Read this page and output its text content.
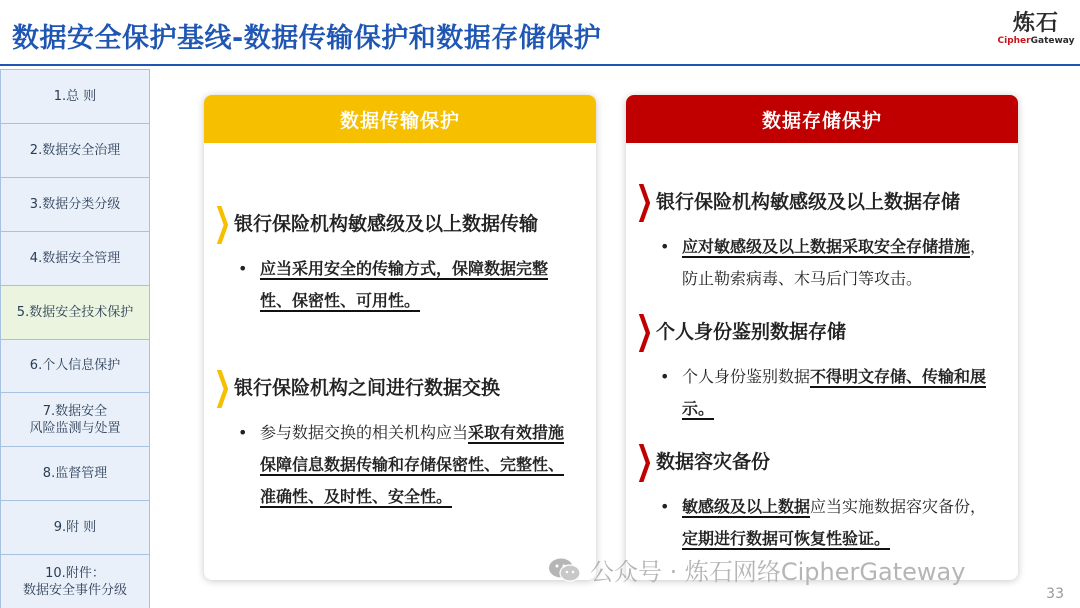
数据安全保护基线-数据传输保护和数据存储保护	炼石
CipherGateway
1.总 则
2.数据安全治理
3.数据分类分级
4.数据安全管理
5.数据安全技术保护
6.个人信息保护
7.数据安全
风险监测与处置
8.监督管理
9.附 则
10.附件：
数据安全事件分级
数据传输保护
❯ 银行保险机构敏感级及以上数据传输
• 应当采用安全的传输方式，保障数据完整性、保密性、可用性。
❯ 银行保险机构之间进行数据交换
• 参与数据交换的相关机构应当采取有效措施保障信息数据传输和存储保密性、完整性、准确性、及时性、安全性。
数据存储保护
❯ 银行保险机构敏感级及以上数据存储
• 应对敏感级及以上数据采取安全存储措施，防止勒索病毒、木马后门等攻击。
❯ 个人身份鉴别数据存储
• 个人身份鉴别数据不得明文存储、传输和展示。
❯ 数据容灾备份
• 敏感级及以上数据应当实施数据容灾备份，定期进行数据可恢复性验证。
公众号 · 炼石网络CipherGateway
33
